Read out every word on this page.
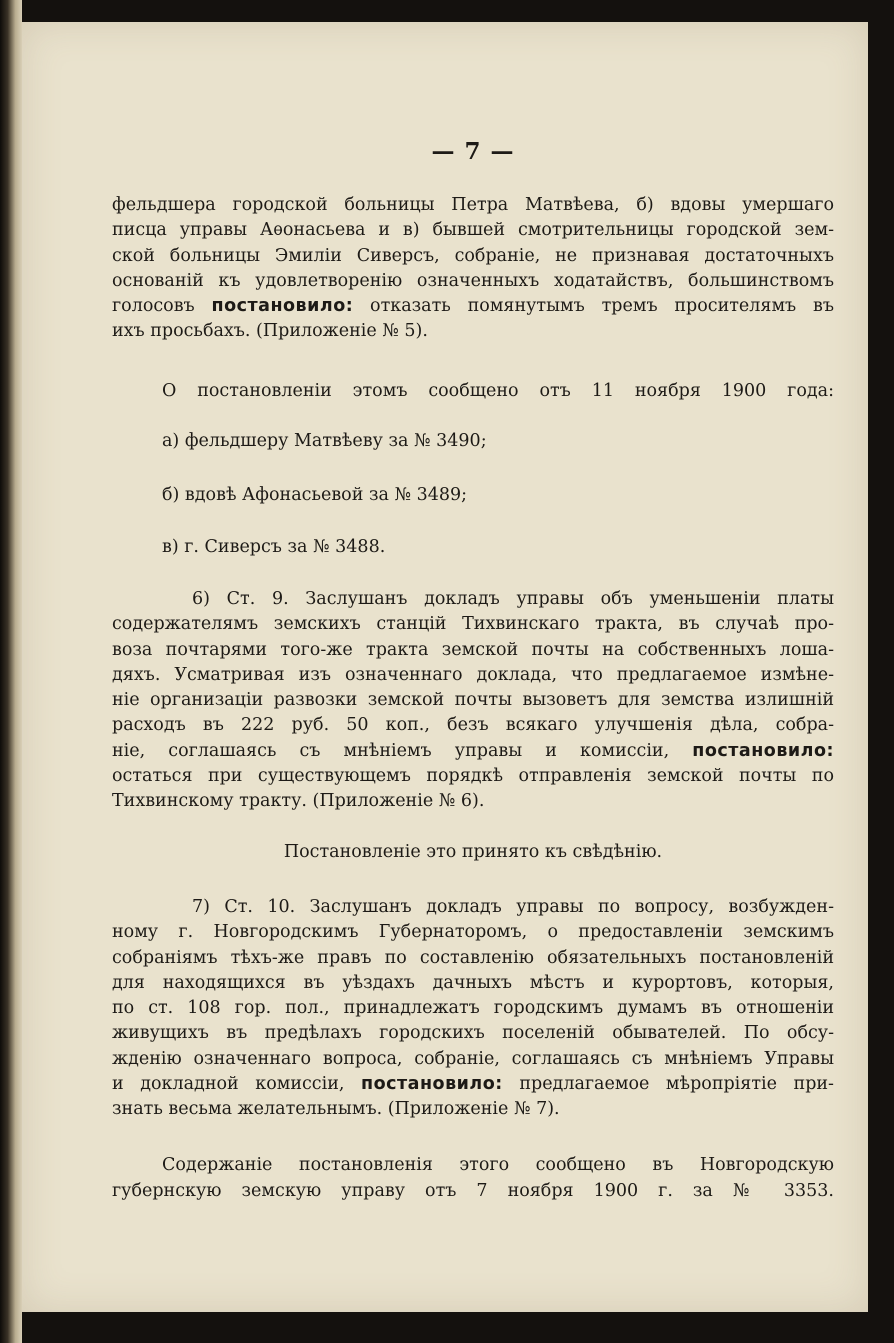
— 7 —
фельдшера городской больницы Петра Матвѣева, б) вдовы умершаго
писца управы Аѳонасьева и в) бывшей смотрительницы городской зем-
ской больницы Эмиліи Сиверсъ, собраніе, не признавая достаточныхъ
основаній къ удовлетворенію означенныхъ ходатайствъ, большинствомъ
голосовъ постановило: отказать помянутымъ тремъ просителямъ въ
ихъ просьбахъ. (Приложеніе № 5).
О постановленіи этомъ сообщено отъ 11 ноября 1900 года:
а) фельдшеру Матвѣеву за № 3490;
б) вдовѣ Афонасьевой за № 3489;
в) г. Сиверсъ за № 3488.
6) Ст. 9. Заслушанъ докладъ управы объ уменьшеніи платы
содержателямъ земскихъ станцій Тихвинскаго тракта, въ случаѣ про-
воза почтарями того-же тракта земской почты на собственныхъ лоша-
дяхъ. Усматривая изъ означеннаго доклада, что предлагаемое измѣне-
ніе организаціи развозки земской почты вызоветъ для земства излишній
расходъ въ 222 руб. 50 коп., безъ всякаго улучшенія дѣла, собра-
ніе, соглашаясь съ мнѣніемъ управы и комиссіи, постановило:
остаться при существующемъ порядкѣ отправленія земской почты по
Тихвинскому тракту. (Приложеніе № 6).
Постановленіе это принято къ свѣдѣнію.
7) Ст. 10. Заслушанъ докладъ управы по вопросу, возбужден-
ному г. Новгородскимъ Губернаторомъ, о предоставленіи земскимъ
собраніямъ тѣхъ-же правъ по составленію обязательныхъ постановленій
для находящихся въ уѣздахъ дачныхъ мѣстъ и курортовъ, которыя,
по ст. 108 гор. пол., принадлежатъ городскимъ думамъ въ отношеніи
живущихъ въ предѣлахъ городскихъ поселеній обывателей. По обсу-
жденію означеннаго вопроса, собраніе, соглашаясь съ мнѣніемъ Управы
и докладной комиссіи, постановило: предлагаемое мѣропріятіе при-
знать весьма желательнымъ. (Приложеніе № 7).
Содержаніе постановленія этого сообщено въ Новгородскую
губернскую земскую управу отъ 7 ноября 1900 г. за № 3353.
